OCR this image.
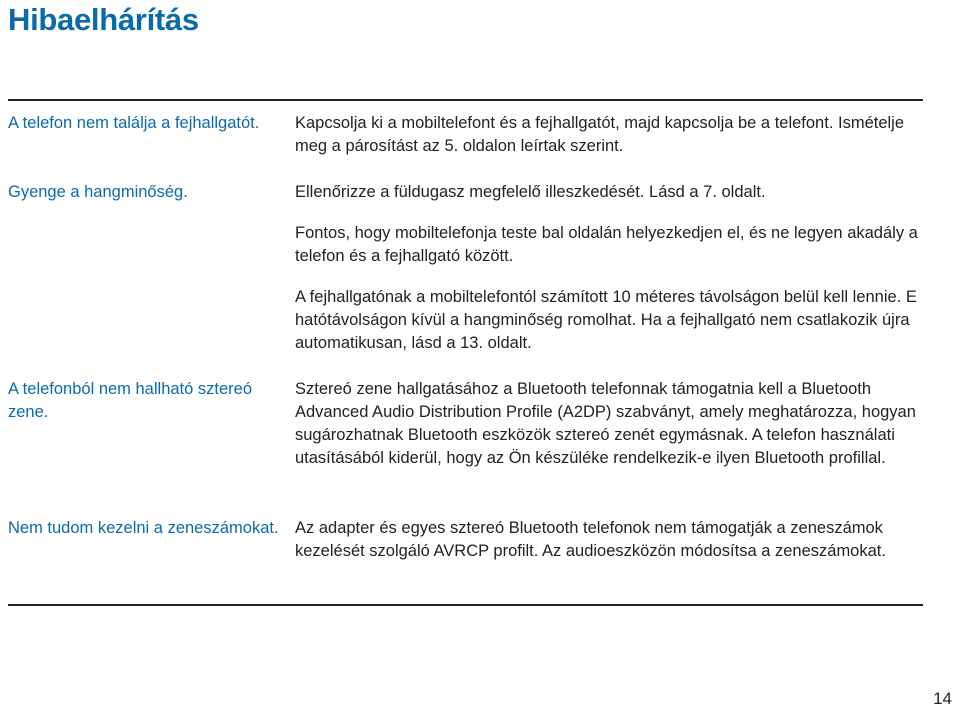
Hibaelhárítás
A telefon nem találja a fejhallgatót.	Kapcsolja ki a mobiltelefont és a fejhallgatót, majd kapcsolja be a telefont. Ismételje meg a párosítást az 5. oldalon leírtak szerint.
Gyenge a hangminőség.	Ellenőrizze a füldugasz megfelelő illeszkedését. Lásd a 7. oldalt.
Fontos, hogy mobiltelefonja teste bal oldalán helyezkedjen el, és ne legyen akadály a telefon és a fejhallgató között.
A fejhallgatónak a mobiltelefontól számított 10 méteres távolságon belül kell lennie. E hatótávolságon kívül a hangminőség romolhat. Ha a fejhallgató nem csatlakozik újra automatikusan, lásd a 13. oldalt.
A telefonból nem hallható sztereó zene.
Sztereó zene hallgatásához a Bluetooth telefonnak támogatnia kell a Bluetooth Advanced Audio Distribution Profile (A2DP) szabványt, amely meghatározza, hogyan sugározhatnak Bluetooth eszközök sztereó zenét egymásnak. A telefon használati utasításából kiderül, hogy az Ön készüléke rendelkezik-e ilyen Bluetooth profillal.
Nem tudom kezelni a zeneszámokat. Az adapter és egyes sztereó Bluetooth telefonok nem támogatják a zeneszámok kezelését szolgáló AVRCP profilt. Az audioeszközön módosítsa a zeneszámokat.
14
